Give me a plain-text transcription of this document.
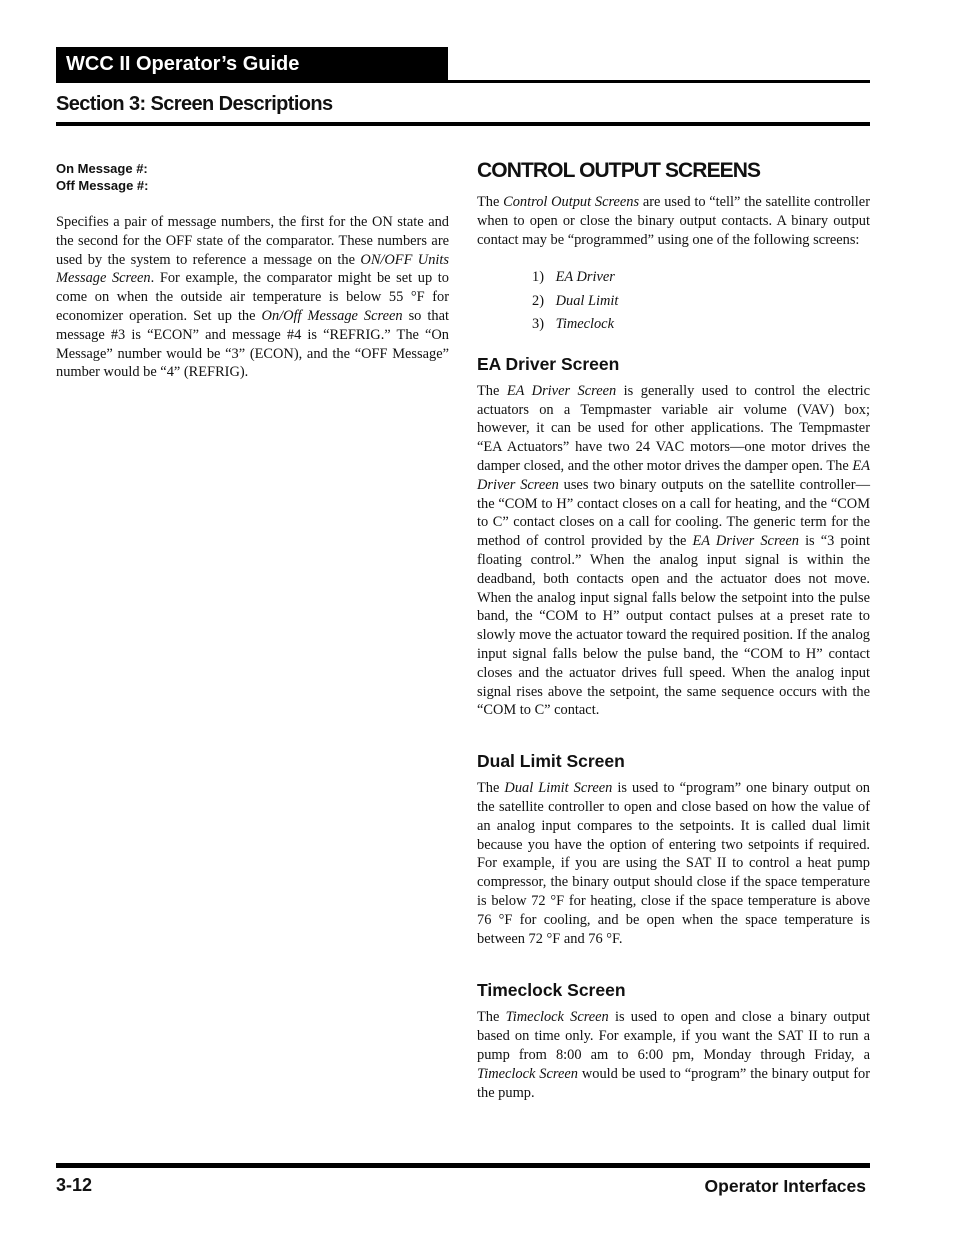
WCC II Operator’s Guide
Section 3: Screen Descriptions
On Message #:
Off Message #:

Specifies a pair of message numbers, the first for the ON state and the second for the OFF state of the comparator. These numbers are used by the system to reference a message on the ON/OFF Units Message Screen. For example, the comparator might be set up to come on when the outside air temperature is below 55 °F for economizer operation. Set up the On/Off Message Screen so that message #3 is “ECON” and message #4 is “REFRIG.” The “On Message” number would be “3” (ECON), and the “OFF Message” number would be “4” (REFRIG).

CONTROL OUTPUT SCREENS

The Control Output Screens are used to “tell” the satellite controller when to open or close the binary output contacts. A binary output contact may be “programmed” using one of the following screens:

1) EA Driver
2) Dual Limit
3) Timeclock
EA Driver Screen

The EA Driver Screen is generally used to control the electric actuators on a Tempmaster variable air volume (VAV) box; however, it can be used for other applications. The Tempmaster “EA Actuators” have two 24 VAC motors—one motor drives the damper closed, and the other motor drives the damper open. The EA Driver Screen uses two binary outputs on the satellite controller—the “COM to H” contact closes on a call for heating, and the “COM to C” contact closes on a call for cooling. The generic term for the method of control provided by the EA Driver Screen is “3 point floating control.” When the analog input signal is within the deadband, both contacts open and the actuator does not move. When the analog input signal falls below the setpoint into the pulse band, the “COM to H” output contact pulses at a preset rate to slowly move the actuator toward the required position. If the analog input signal falls below the pulse band, the “COM to H” contact closes and the actuator drives full speed. When the analog input signal rises above the setpoint, the same sequence occurs with the “COM to C” contact.

Dual Limit Screen

The Dual Limit Screen is used to “program” one binary output on the satellite controller to open and close based on how the value of an analog input compares to the setpoints. It is called dual limit because you have the option of entering two setpoints if required. For example, if you are using the SAT II to control a heat pump compressor, the binary output should close if the space temperature is below 72 °F for heating, close if the space temperature is above 76 °F for cooling, and be open when the space temperature is between 72 °F and 76 °F.

Timeclock Screen

The Timeclock Screen is used to open and close a binary output based on time only. For example, if you want the SAT II to run a pump from 8:00 am to 6:00 pm, Monday through Friday, a Timeclock Screen would be used to “program” the binary output for the pump.

3-12	Operator Interfaces
